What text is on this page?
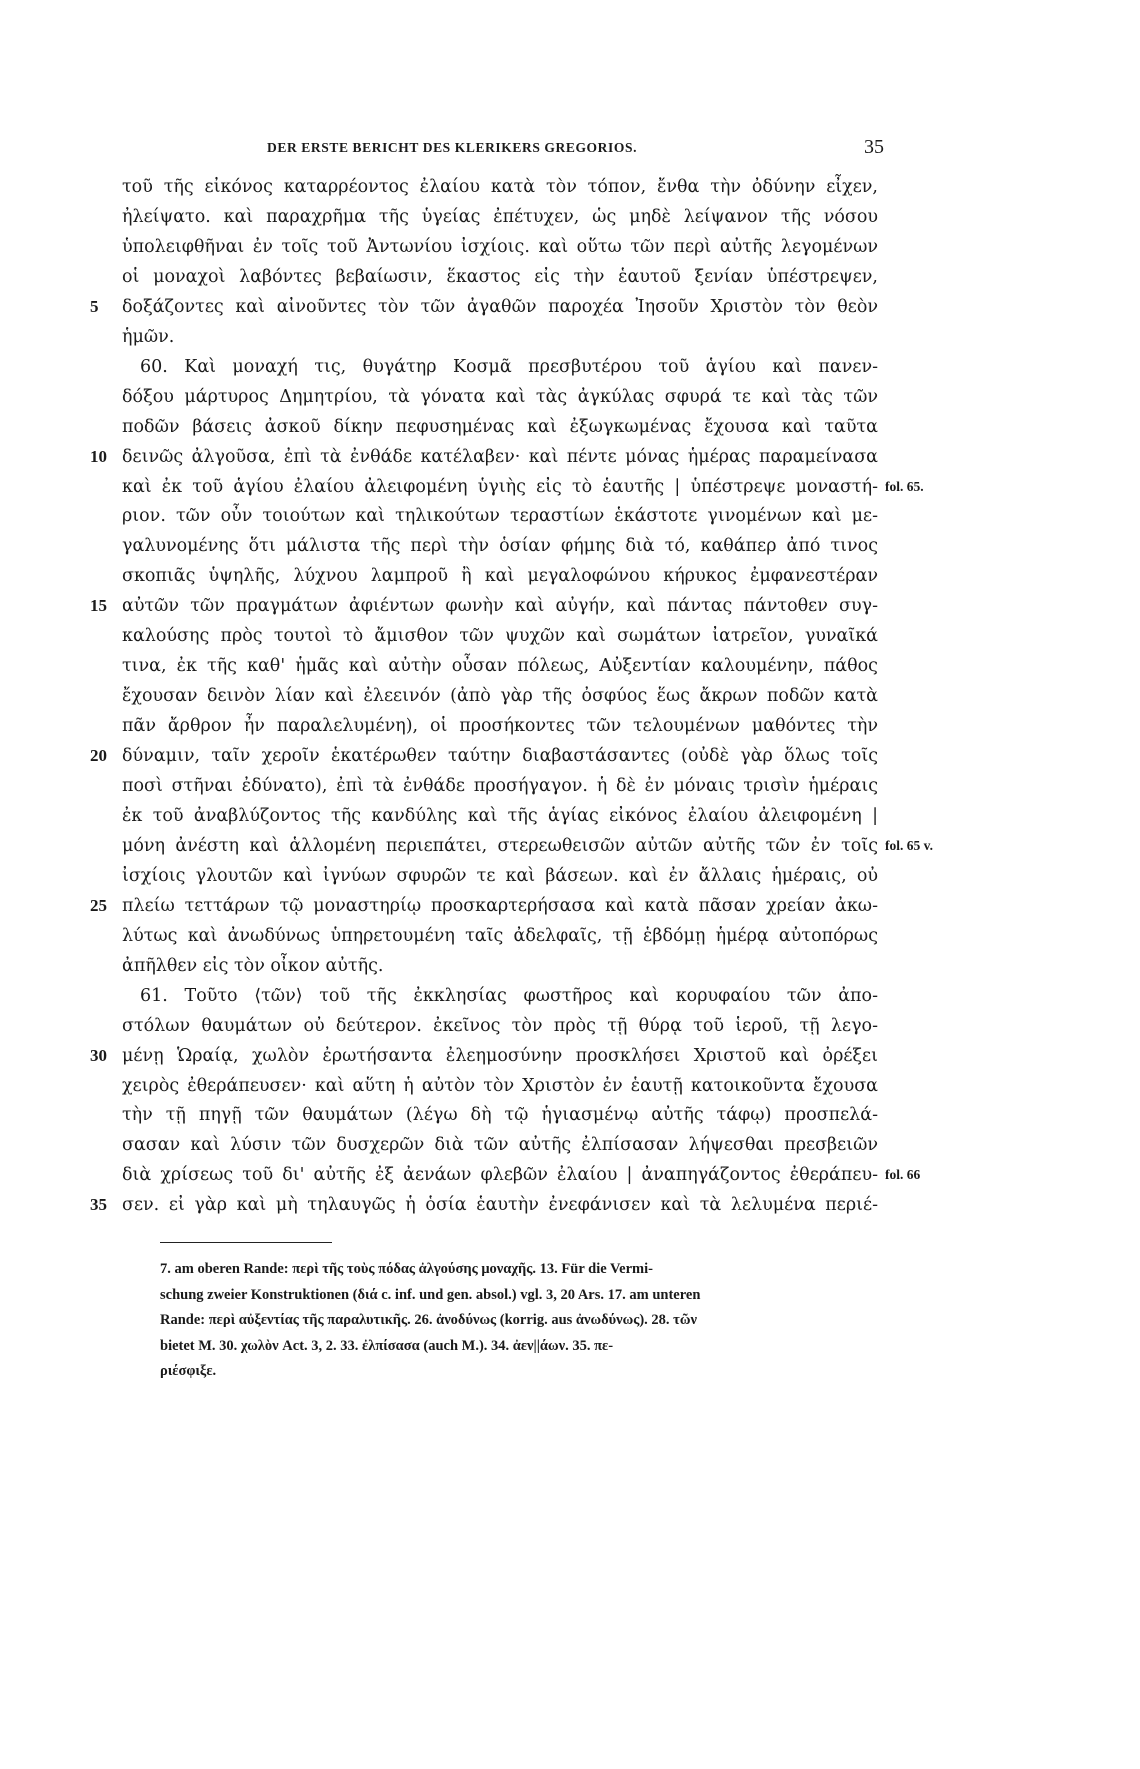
DER ERSTE BERICHT DES KLERIKERS GREGORIOS.	35
τοῦ τῆς εἰκόνος καταρρέοντος ἐλαίου κατὰ τὸν τόπον, ἔνθα τὴν ὀδύνην εἶχεν,
ἠλείψατο. καὶ παραχρῆμα τῆς ὑγείας ἐπέτυχεν, ὡς μηδὲ λείψανον τῆς νόσου
ὑπολειφθῆναι ἐν τοῖς τοῦ Ἀντωνίου ἰσχίοις. καὶ οὕτω τῶν περὶ αὐτῆς λεγομένων
οἱ μοναχοὶ λαβόντες βεβαίωσιν, ἕκαστος εἰς τὴν ἑαυτοῦ ξενίαν ὑπέστρεψεν,
δοξάζοντες καὶ αἰνοῦντες τὸν τῶν ἀγαθῶν παροχέα Ἰησοῦν Χριστὸν τὸν θεὸν
5
ἡμῶν.
60. Καὶ μοναχή τις, θυγάτηρ Κοσμᾶ πρεσβυτέρου τοῦ ἁγίου καὶ πανεν-
δόξου μάρτυρος Δημητρίου, τὰ γόνατα καὶ τὰς ἀγκύλας σφυρά τε καὶ τὰς τῶν
ποδῶν βάσεις ἀσκοῦ δίκην πεφυσημένας καὶ ἐξωγκωμένας ἔχουσα καὶ ταῦτα
δεινῶς ἀλγοῦσα, ἐπὶ τὰ ἐνθάδε κατέλαβεν· καὶ πέντε μόνας ἡμέρας παραμείνασα
10
καὶ ἐκ τοῦ ἁγίου ἐλαίου ἀλειφομένη ὑγιὴς εἰς τὸ ἑαυτῆς | ὑπέστρεψε μοναστή-
ριον. τῶν οὖν τοιούτων καὶ τηλικούτων τεραστίων ἑκάστοτε γινομένων καὶ με-
γαλυνομένης ὅτι μάλιστα τῆς περὶ τὴν ὁσίαν φήμης διὰ τό, καθάπερ ἀπό τινος
σκοπιᾶς ὑψηλῆς, λύχνου λαμπροῦ ἢ καὶ μεγαλοφώνου κήρυκος ἐμφανεστέραν
αὐτῶν τῶν πραγμάτων ἀφιέντων φωνὴν καὶ αὐγήν, καὶ πάντας πάντοθεν συγ-
15
καλούσης πρὸς τουτοὶ τὸ ἄμισθον τῶν ψυχῶν καὶ σωμάτων ἰατρεῖον, γυναῖκά
τινα, ἐκ τῆς καθ' ἡμᾶς καὶ αὐτὴν οὖσαν πόλεως, Αὐξεντίαν καλουμένην, πάθος
ἔχουσαν δεινὸν λίαν καὶ ἐλεεινόν (ἀπὸ γὰρ τῆς ὀσφύος ἕως ἄκρων ποδῶν κατὰ
πᾶν ἄρθρον ἦν παραλελυμένη), οἱ προσήκοντες τῶν τελουμένων μαθόντες τὴν
δύναμιν, ταῖν χεροῖν ἑκατέρωθεν ταύτην διαβαστάσαντες (οὐδὲ γὰρ ὅλως τοῖς
20
ποσὶ στῆναι ἐδύνατο), ἐπὶ τὰ ἐνθάδε προσήγαγον. ἡ δὲ ἐν μόναις τρισὶν ἡμέραις
ἐκ τοῦ ἀναβλύζοντος τῆς κανδύλης καὶ τῆς ἁγίας εἰκόνος ἐλαίου ἀλειφομένη |
μόνη ἀνέστη καὶ ἁλλομένη περιεπάτει, στερεωθεισῶν αὐτῶν αὐτῆς τῶν ἐν τοῖς
ἰσχίοις γλουτῶν καὶ ἰγνύων σφυρῶν τε καὶ βάσεων. καὶ ἐν ἄλλαις ἡμέραις, οὐ
πλείω τεττάρων τῷ μοναστηρίῳ προσκαρτερήσασα καὶ κατὰ πᾶσαν χρείαν ἀκω-
25
λύτως καὶ ἀνωδύνως ὑπηρετουμένη ταῖς ἀδελφαῖς, τῇ ἑβδόμῃ ἡμέρᾳ αὐτοπόρως
ἀπῆλθεν εἰς τὸν οἶκον αὐτῆς.
61. Τοῦτο ⟨τῶν⟩ τοῦ τῆς ἐκκλησίας φωστῆρος καὶ κορυφαίου τῶν ἀπο-
στόλων θαυμάτων οὐ δεύτερον. ἐκεῖνος τὸν πρὸς τῇ θύρᾳ τοῦ ἱεροῦ, τῇ λεγο-
μένῃ Ὡραίᾳ, χωλὸν ἐρωτήσαντα ἐλεημοσύνην προσκλήσει Χριστοῦ καὶ ὀρέξει
30
χειρὸς ἐθεράπευσεν· καὶ αὕτη ἡ αὐτὸν τὸν Χριστὸν ἐν ἑαυτῇ κατοικοῦντα ἔχουσα
τὴν τῇ πηγῇ τῶν θαυμάτων (λέγω δὴ τῷ ἡγιασμένῳ αὐτῆς τάφῳ) προσπελά-
σασαν καὶ λύσιν τῶν δυσχερῶν διὰ τῶν αὐτῆς ἐλπίσασαν λήψεσθαι πρεσβειῶν
διὰ χρίσεως τοῦ δι' αὐτῆς ἐξ ἀενάων φλεβῶν ἐλαίου | ἀναπηγάζοντος ἐθεράπευ-
σεν. εἰ γὰρ καὶ μὴ τηλαυγῶς ἡ ὁσία ἑαυτὴν ἐνεφάνισεν καὶ τὰ λελυμένα περιέ-
35
fol. 65.
fol. 65 v.
fol. 66
7. am oberen Rande: περὶ τῆς τοὺς πόδας ἀλγούσης μοναχῆς. 13. Für die Vermi-
schung zweier Konstruktionen (διά c. inf. und gen. absol.) vgl. 3, 20 Ars. 17. am unteren
Rande: περὶ αὐξεντίας τῆς παραλυτικῆς. 26. ἀνοδύνως (korrig. aus ἀνωδύνως). 28. τῶν
bietet M. 30. χωλὸν Act. 3, 2. 33. ἐλπίσασα (auch M.). 34. ἀεν||άων. 35. πε-
ριέσφιξε.
